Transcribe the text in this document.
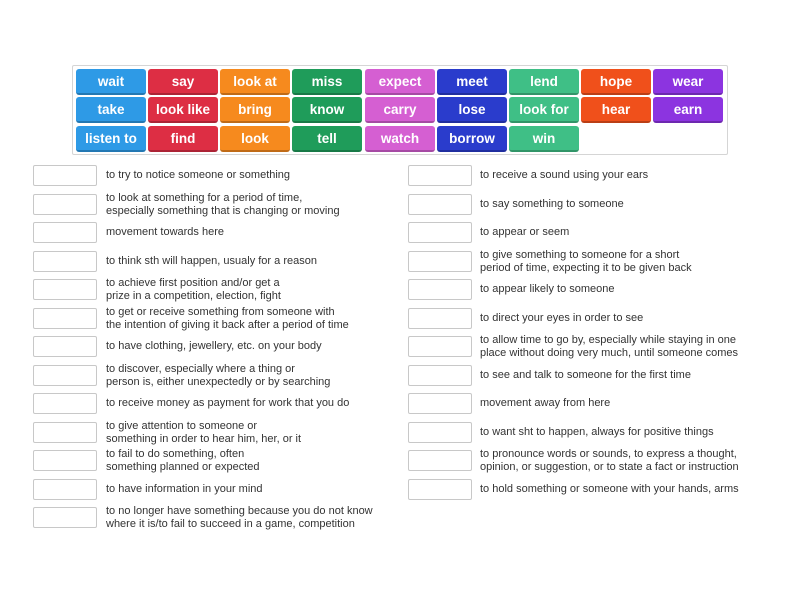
wait	say	look at	miss	expect	meet	lend	hope	wear
take	look like	bring	know	carry	lose	look for	hear	earn
listen to	find	look	tell	watch	borrow	win
to try to notice someone or something
to look at something for a period of time,
especially something that is changing or moving
movement towards here
to think sth will happen, usualy for a reason
to achieve first position and/or get a
prize in a competition, election, fight
to get or receive something from someone with
the intention of giving it back after a period of time
to have clothing, jewellery, etc. on your body
to discover, especially where a thing or
person is, either unexpectedly or by searching
to receive money as payment for work that you do
to give attention to someone or
something in order to hear him, her, or it
to fail to do something, often
something planned or expected
to have information in your mind
to no longer have something because you do not know
where it is/to fail to succeed in a game, competition
to receive a sound using your ears
to say something to someone
to appear or seem
to give something to someone for a short
period of time, expecting it to be given back
to appear likely to someone
to direct your eyes in order to see
to allow time to go by, especially while staying in one
place without doing very much, until someone comes
to see and talk to someone for the first time
movement away from here
to want sht to happen, always for positive things
to pronounce words or sounds, to express a thought,
opinion, or suggestion, or to state a fact or instruction
to hold something or someone with your hands, arms
